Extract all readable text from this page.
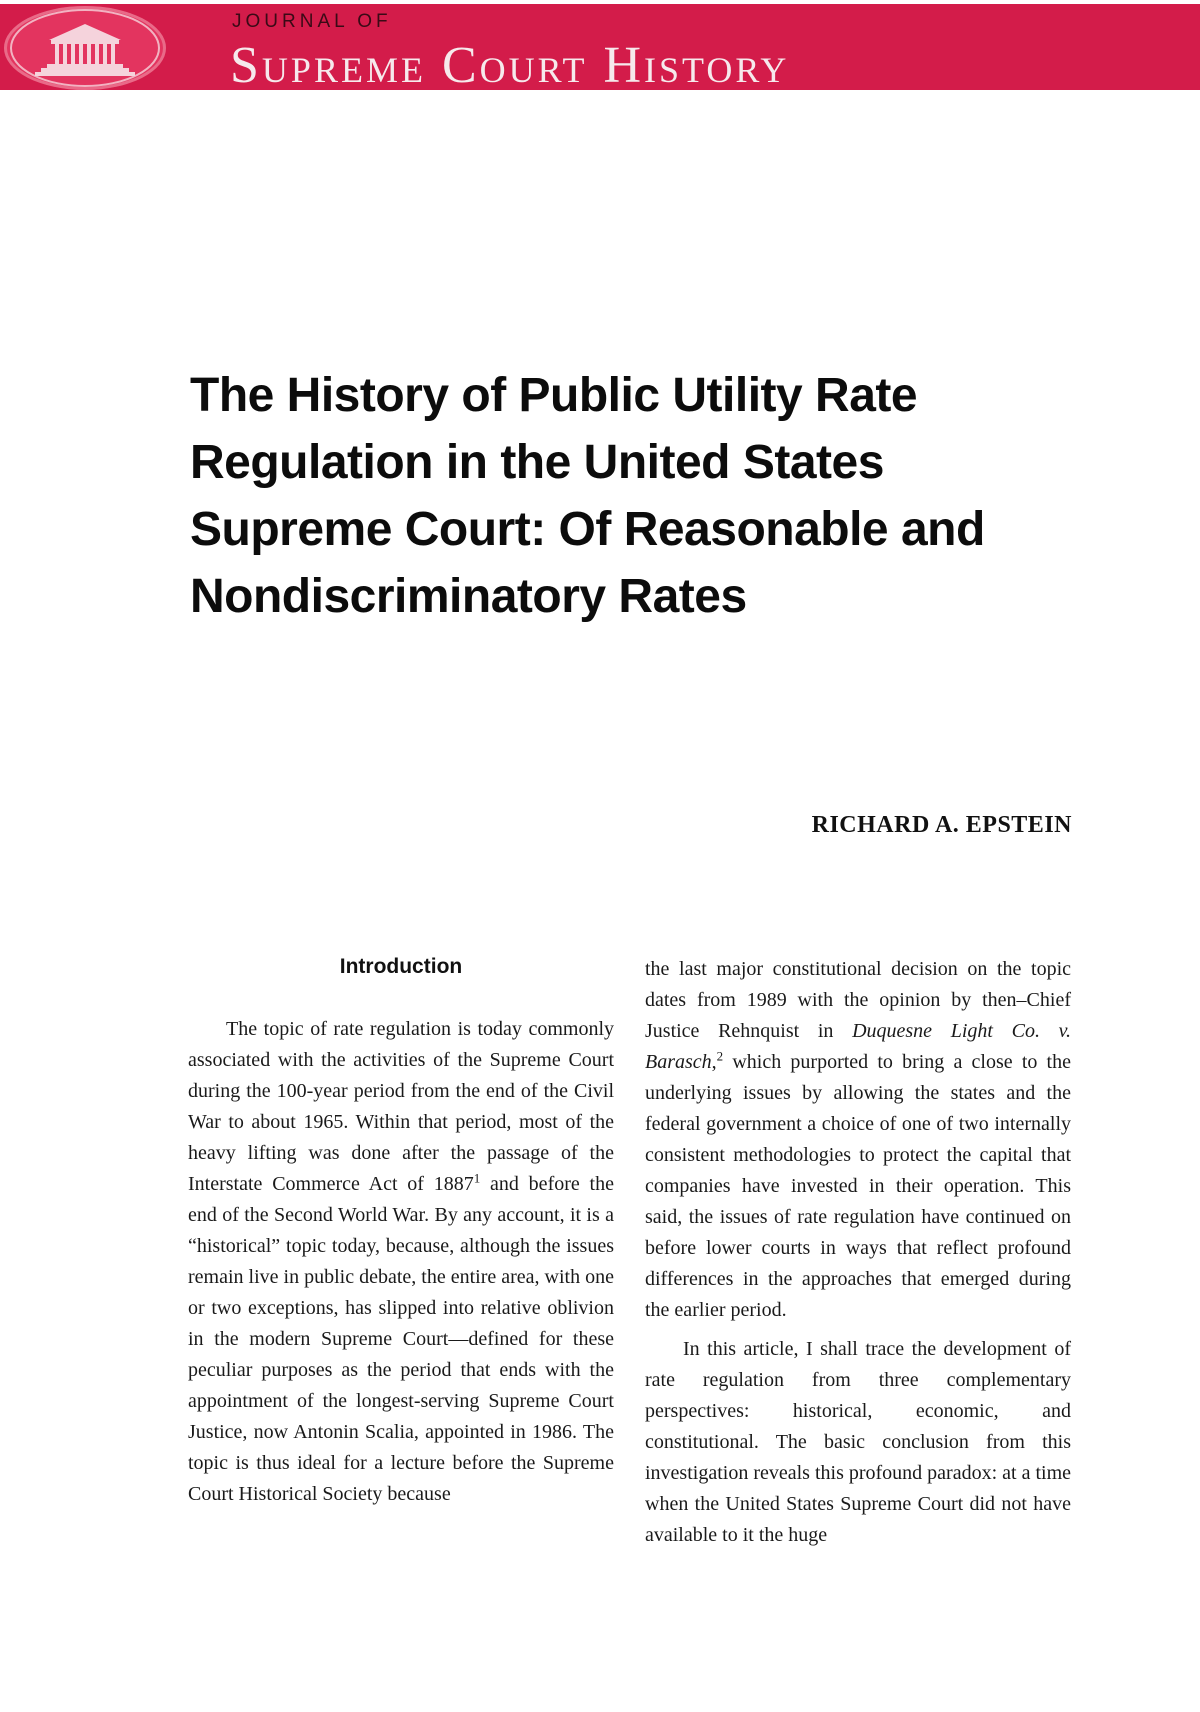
JOURNAL OF
Supreme Court History
The History of Public Utility Rate
Regulation in the United States
Supreme Court: Of Reasonable and
Nondiscriminatory Rates
RICHARD A. EPSTEIN
Introduction

The topic of rate regulation is today commonly associated with the activities of the Supreme Court during the 100-year period from the end of the Civil War to about 1965. Within that period, most of the heavy lifting was done after the passage of the Interstate Commerce Act of 1887$^1$ and before the end of the Second World War. By any account, it is a “historical” topic today, because, although the issues remain live in public debate, the entire area, with one or two exceptions, has slipped into relative oblivion in the modern Supreme Court—defined for these peculiar purposes as the period that ends with the appointment of the longest-serving Supreme Court Justice, now Antonin Scalia, appointed in 1986. The topic is thus ideal for a lecture before the Supreme Court Historical Society because

the last major constitutional decision on the topic dates from 1989 with the opinion by then–Chief Justice Rehnquist in Duquesne Light Co. v. Barasch,$^2$ which purported to bring a close to the underlying issues by allowing the states and the federal government a choice of one of two internally consistent methodologies to protect the capital that companies have invested in their operation. This said, the issues of rate regulation have continued on before lower courts in ways that reflect profound differences in the approaches that emerged during the earlier period.

In this article, I shall trace the development of rate regulation from three complementary perspectives: historical, economic, and constitutional. The basic conclusion from this investigation reveals this profound paradox: at a time when the United States Supreme Court did not have available to it the huge
